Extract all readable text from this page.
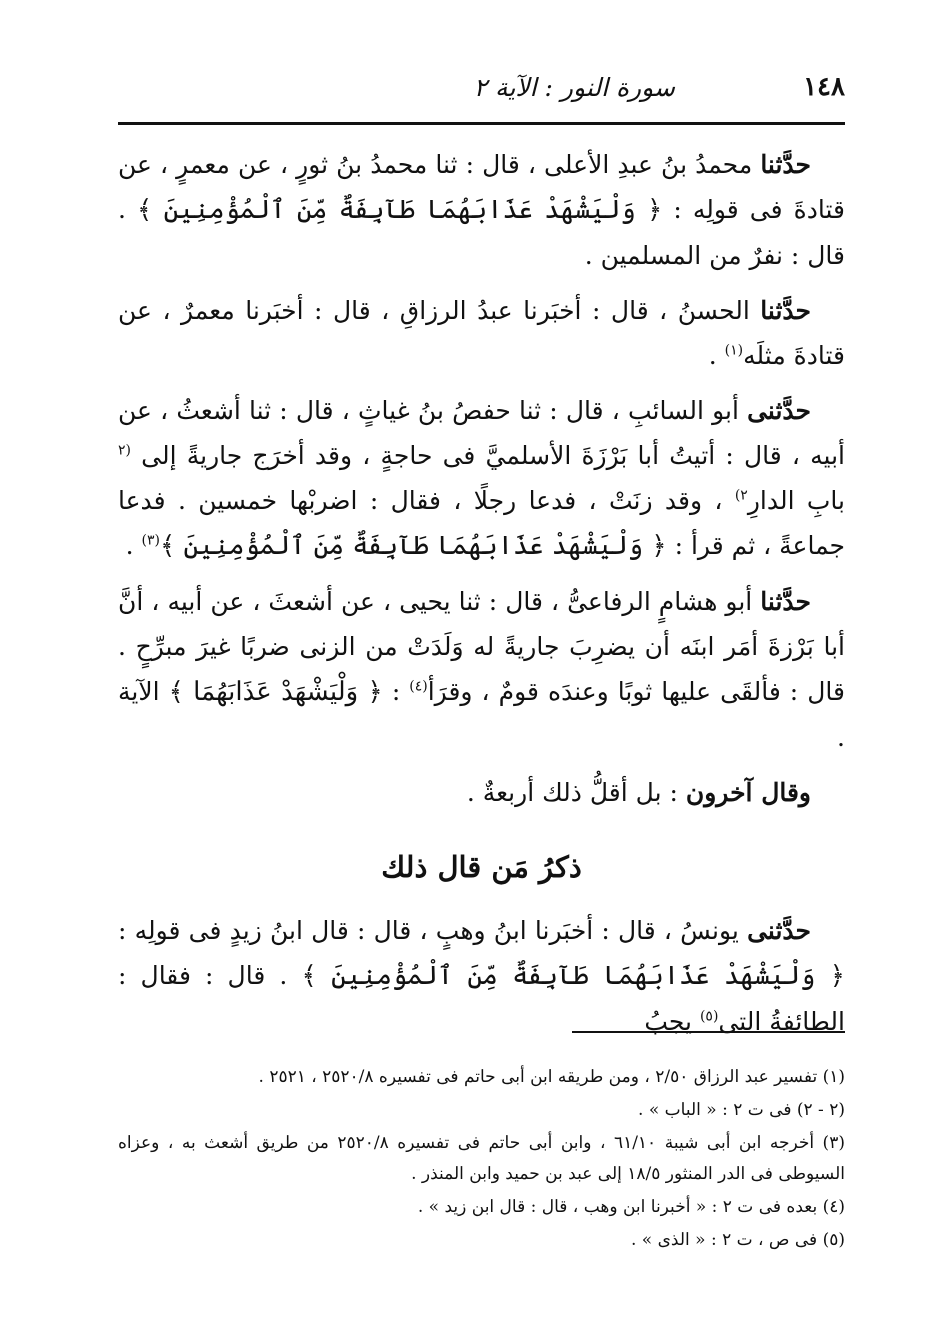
١٤٨
سورة النور : الآية ٢

حدَّثنا محمدُ بنُ عبدِ الأعلى ، قال : ثنا محمدُ بنُ ثورٍ ، عن معمرٍ ، عن قتادةَ فى قولِه : ﴿ وَلْيَشْهَدْ عَذَابَهُمَا طَآبِفَةٌ مِّنَ ٱلْمُؤْمِنِينَ ﴾ . قال : نفرٌ من المسلمين .

حدَّثنا الحسنُ ، قال : أخبَرنا عبدُ الرزاقِ ، قال : أخبَرنا معمرٌ ، عن قتادةَ مثلَه$^{(١)}$ .

حدَّثنى أبو السائبِ ، قال : ثنا حفصُ بنُ غياثٍ ، قال : ثنا أشعثُ ، عن أبيه ، قال : أتيتُ أبا بَرْزَةَ الأسلميَّ فى حاجةٍ ، وقد أخرَج جاريةً إلى $^{(٢}$ بابِ الدارِ$^{٢)}$ ، وقد زنَتْ ، فدعا رجلًا ، فقال : اضربْها خمسين . فدعا جماعةً ، ثم قرأ : ﴿ وَلْيَشْهَدْ عَذَابَهُمَا طَآبِفَةٌ مِّنَ ٱلْمُؤْمِنِينَ ﴾$^{(٣)}$ .

حدَّثنا أبو هشامٍ الرفاعىُّ ، قال : ثنا يحيى ، عن أشعثَ ، عن أبيه ، أنَّ أبا بَرْزةَ أمَر ابنَه أن يضرِبَ جاريةً له وَلَدَتْ من الزنى ضربًا غيرَ مبرِّحٍ . قال : فألقَى عليها ثوبًا وعندَه قومٌ ، وقرَأ$^{(٤)}$ : ﴿ وَلْيَشْهَدْ عَذَابَهُمَا ﴾ الآية .

وقال آخرون : بل أقلُّ ذلك أربعةٌ .

ذكرُ مَن قال ذلك

حدَّثنى يونسُ ، قال : أخبَرنا ابنُ وهبٍ ، قال : قال ابنُ زيدٍ فى قولِه : ﴿ وَلْيَشْهَدْ عَذَابَهُمَا طَآبِفَةٌ مِّنَ ٱلْمُؤْمِنِينَ ﴾ . قال : فقال : الطائفةُ التى$^{(٥)}$ يجبُ

(١) تفسير عبد الرزاق ٢/٥٠ ، ومن طريقه ابن أبى حاتم فى تفسيره ٢٥٢٠/٨ ، ٢٥٢١ .

(٢ - ٢) فى ت ٢ : « الباب » .

(٣) أخرجه ابن أبى شيبة ٦١/١٠ ، وابن أبى حاتم فى تفسيره ٢٥٢٠/٨ من طريق أشعث به ، وعزاه السيوطى فى الدر المنثور ١٨/٥ إلى عبد بن حميد وابن المنذر .

(٤) بعده فى ت ٢ : « أخبرنا ابن وهب ، قال : قال ابن زيد » .

(٥) فى ص ، ت ٢ : « الذى » .
